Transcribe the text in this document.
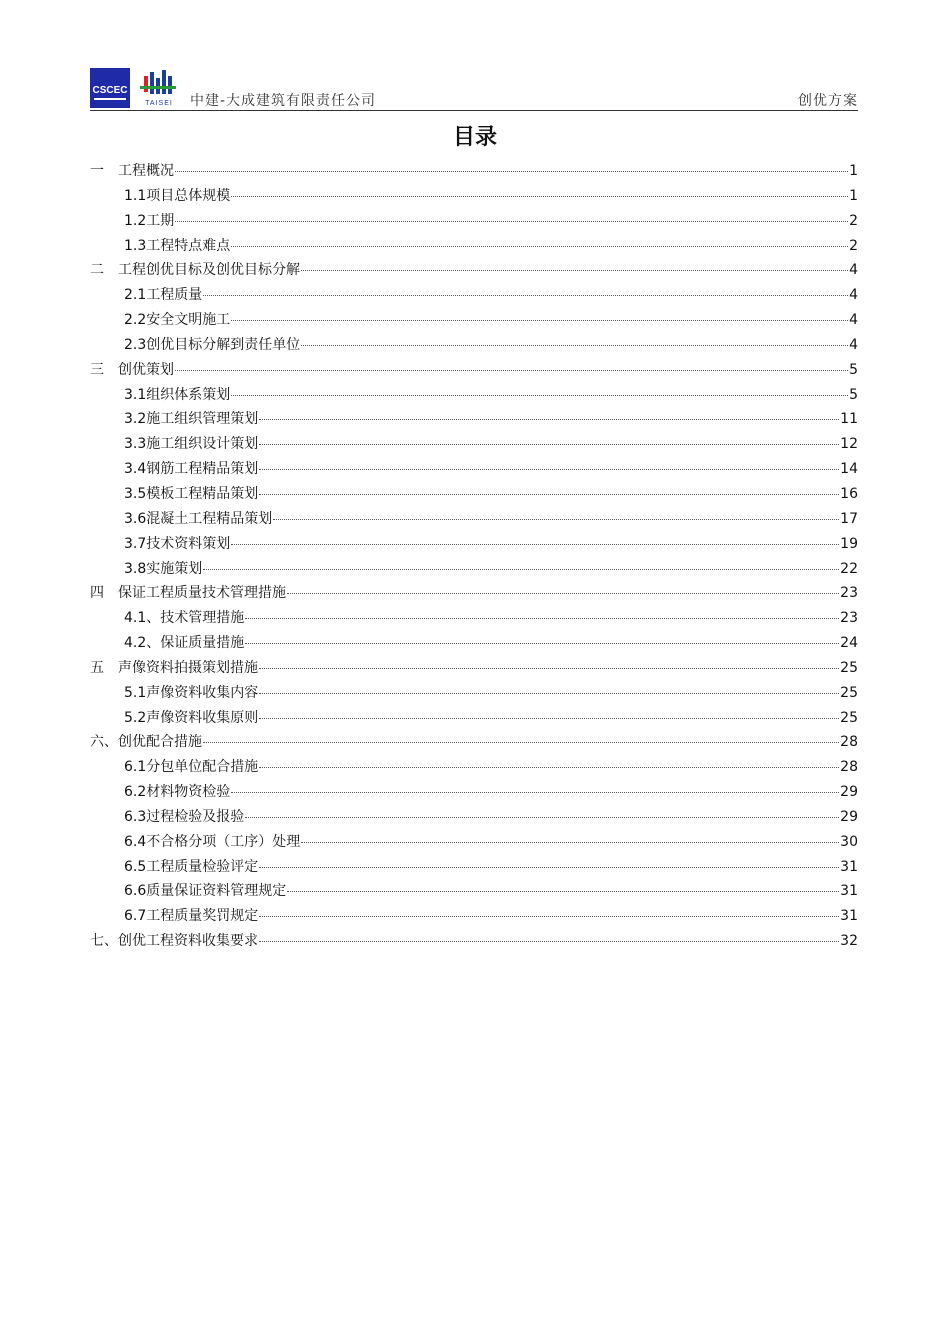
CSCEC
TAISEI 中建-大成建筑有限责任公司	创优方案
目录
一　工程概况	1
1.1项目总体规模	1
1.2工期	2
1.3工程特点难点	2
二　工程创优目标及创优目标分解	4
2.1工程质量	4
2.2安全文明施工	4
2.3创优目标分解到责任单位	4
三　创优策划	5
3.1组织体系策划	5
3.2施工组织管理策划	11
3.3施工组织设计策划	12
3.4钢筋工程精品策划	14
3.5模板工程精品策划	16
3.6混凝土工程精品策划	17
3.7技术资料策划	19
3.8实施策划	22
四　保证工程质量技术管理措施	23
4.1、技术管理措施	23
4.2、保证质量措施	24
五　声像资料拍摄策划措施	25
5.1声像资料收集内容	25
5.2声像资料收集原则	25
六、创优配合措施	28
6.1分包单位配合措施	28
6.2材料物资检验	29
6.3过程检验及报验	29
6.4不合格分项（工序）处理	30
6.5工程质量检验评定	31
6.6质量保证资料管理规定	31
6.7工程质量奖罚规定	31
七、创优工程资料收集要求	32
